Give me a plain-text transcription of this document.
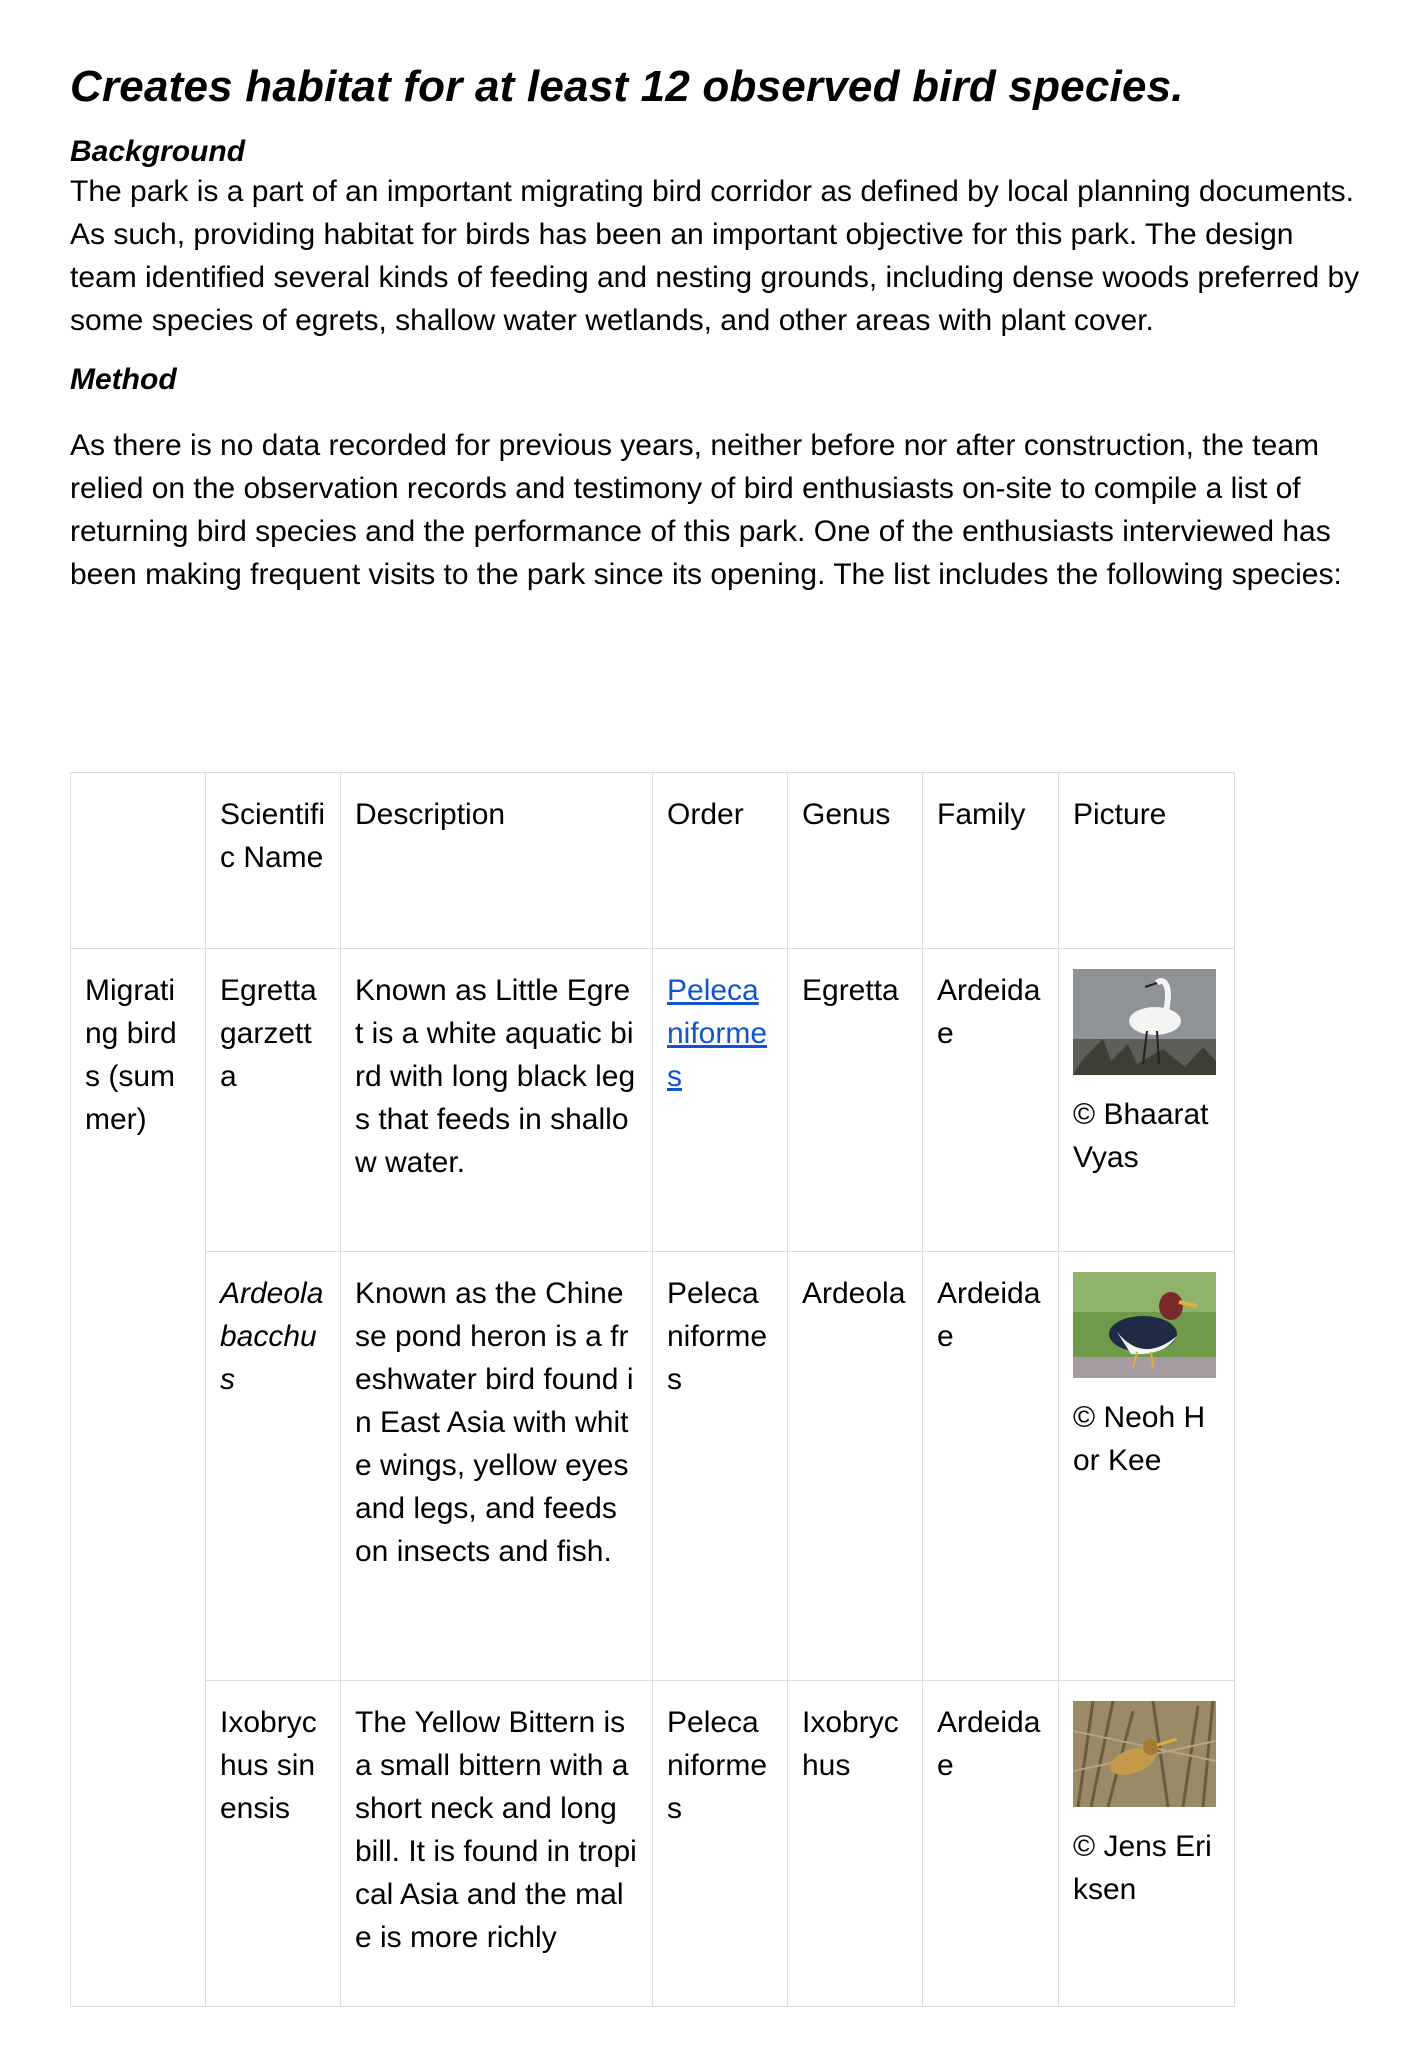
Creates habitat for at least 12 observed bird species.
Background

The park is a part of an important migrating bird corridor as defined by local planning documents. As such, providing habitat for birds has been an important objective for this park. The design team identified several kinds of feeding and nesting grounds, including dense woods preferred by some species of egrets, shallow water wetlands, and other areas with plant cover.

Method

As there is no data recorded for previous years, neither before nor after construction, the team relied on the observation records and testimony of bird enthusiasts on-site to compile a list of returning bird species and the performance of this park. One of the enthusiasts interviewed has been making frequent visits to the park since its opening. The list includes the following species:

	Scientific Name	Description	Order	Genus	Family	Picture
Migrating birds (summer)	Egretta garzetta	Known as Little Egret is a white aquatic bird with long black legs that feeds in shallow water.	Pelecaniformes	Egretta	Ardeidae	© Bhaarat Vyas

	Ardeola bacchus	Known as the Chinese pond heron is a freshwater bird found in East Asia with white wings, yellow eyes and legs, and feeds on insects and fish.	Pelecaniformes	Ardeola	Ardeidae	© Neoh Hor Kee

	Ixobrychus sinensis	The Yellow Bittern is a small bittern with a short neck and long bill. It is found in tropical Asia and the male is more richly	Pelecaniformes	Ixobrychus	Ardeidae	© Jens Eriksen
